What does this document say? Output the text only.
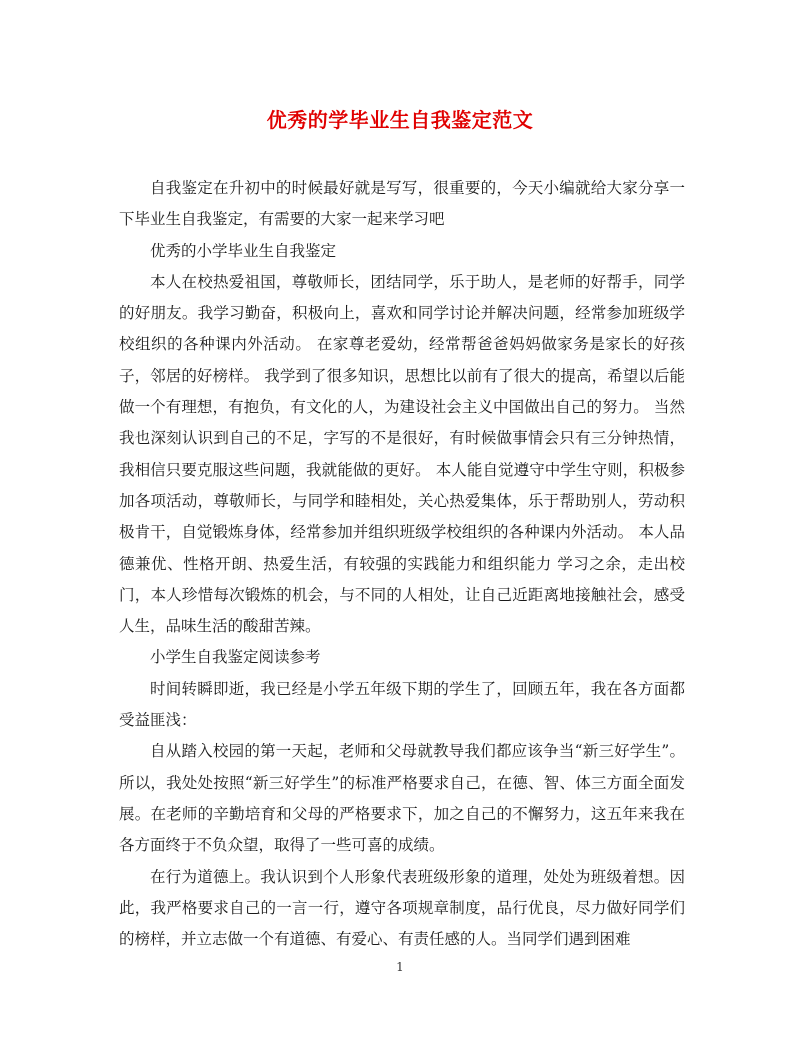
优秀的学毕业生自我鉴定范文

自我鉴定在升初中的时候最好就是写写，很重要的，今天小编就给大家分享一下毕业生自我鉴定，有需要的大家一起来学习吧

优秀的小学毕业生自我鉴定

本人在校热爱祖国，尊敬师长，团结同学，乐于助人，是老师的好帮手，同学的好朋友。我学习勤奋，积极向上，喜欢和同学讨论并解决问题，经常参加班级学校组织的各种课内外活动。 在家尊老爱幼，经常帮爸爸妈妈做家务是家长的好孩子，邻居的好榜样。 我学到了很多知识，思想比以前有了很大的提高，希望以后能做一个有理想，有抱负，有文化的人，为建设社会主义中国做出自己的努力。 当然我也深刻认识到自己的不足，字写的不是很好，有时候做事情会只有三分钟热情，我相信只要克服这些问题，我就能做的更好。 本人能自觉遵守中学生守则，积极参加各项活动，尊敬师长，与同学和睦相处，关心热爱集体，乐于帮助别人，劳动积极肯干，自觉锻炼身体，经常参加并组织班级学校组织的各种课内外活动。 本人品德兼优、性格开朗、热爱生活，有较强的实践能力和组织能力 学习之余，走出校门，本人珍惜每次锻炼的机会，与不同的人相处，让自己近距离地接触社会，感受人生，品味生活的酸甜苦辣。

小学生自我鉴定阅读参考

时间转瞬即逝，我已经是小学五年级下期的学生了，回顾五年，我在各方面都受益匪浅：

自从踏入校园的第一天起，老师和父母就教导我们都应该争当“新三好学生”。所以，我处处按照“新三好学生”的标准严格要求自己，在德、智、体三方面全面发展。在老师的辛勤培育和父母的严格要求下，加之自己的不懈努力，这五年来我在各方面终于不负众望，取得了一些可喜的成绩。

在行为道德上。我认识到个人形象代表班级形象的道理，处处为班级着想。因此，我严格要求自己的一言一行，遵守各项规章制度，品行优良，尽力做好同学们的榜样，并立志做一个有道德、有爱心、有责任感的人。当同学们遇到困难

1
